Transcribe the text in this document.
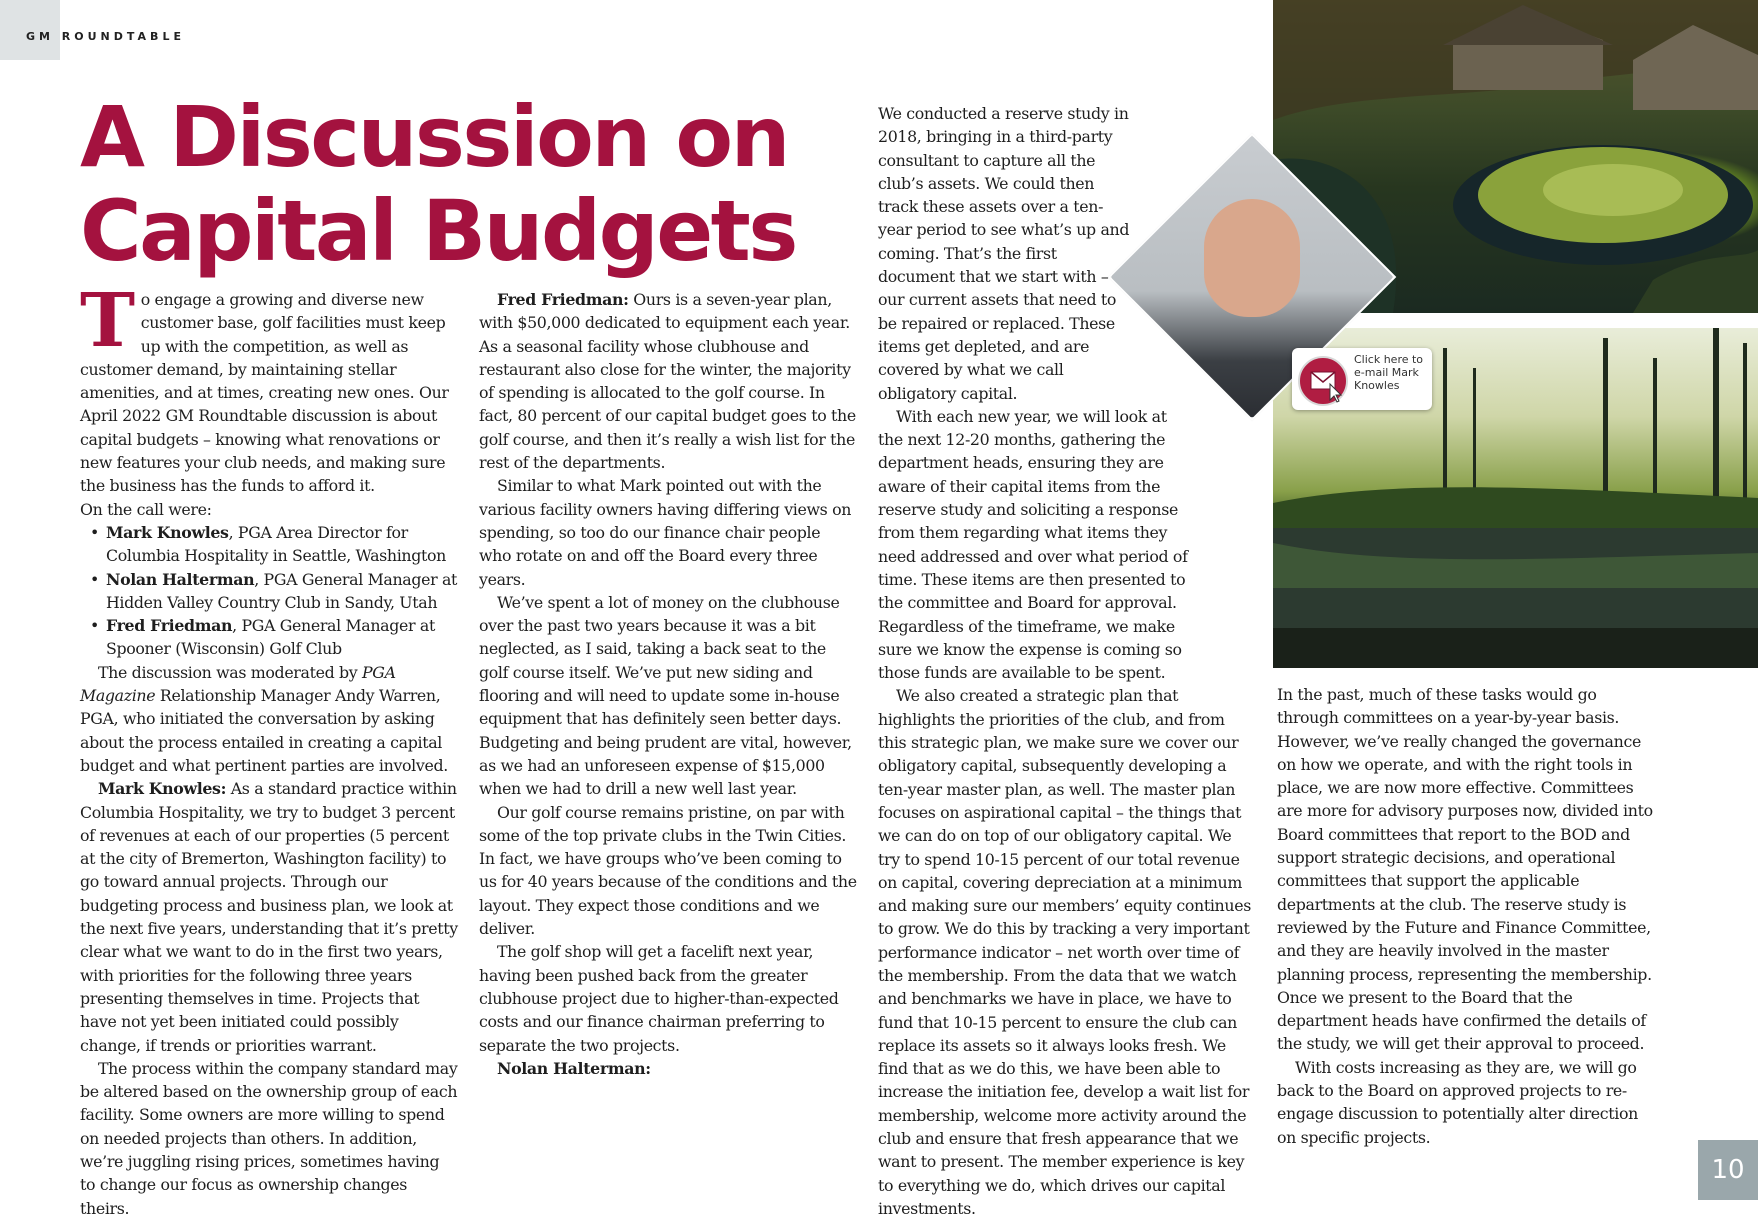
GM ROUNDTABLE
A Discussion on
Capital Budgets
Click here to e-mail Mark Knowles

To engage a growing and diverse new customer base, golf facilities must keep up with the competition, as well as customer demand, by maintaining stellar amenities, and at times, creating new ones. Our April 2022 GM Roundtable discussion is about capital budgets – knowing what renovations or new features your club needs, and making sure the business has the funds to afford it.

On the call were:

• Mark Knowles, PGA Area Director for Columbia Hospitality in Seattle, Washington
• Nolan Halterman, PGA General Manager at Hidden Valley Country Club in Sandy, Utah
• Fred Friedman, PGA General Manager at Spooner (Wisconsin) Golf Club

The discussion was moderated by PGA Magazine Relationship Manager Andy Warren, PGA, who initiated the conversation by asking about the process entailed in creating a capital budget and what pertinent parties are involved.

Mark Knowles: As a standard practice within Columbia Hospitality, we try to budget 3 percent of revenues at each of our properties (5 percent at the city of Bremerton, Washington facility) to go toward annual projects. Through our budgeting process and business plan, we look at the next five years, understanding that it’s pretty clear what we want to do in the first two years, with priorities for the following three years presenting themselves in time. Projects that have not yet been initiated could possibly change, if trends or priorities warrant.

The process within the company standard may be altered based on the ownership group of each facility. Some owners are more willing to spend on needed projects than others. In addition, we’re juggling rising prices, sometimes having to change our focus as ownership changes theirs.

Fred Friedman: Ours is a seven-year plan, with $50,000 dedicated to equipment each year. As a seasonal facility whose clubhouse and restaurant also close for the winter, the majority of spending is allocated to the golf course. In fact, 80 percent of our capital budget goes to the golf course, and then it’s really a wish list for the rest of the departments.

Similar to what Mark pointed out with the various facility owners having differing views on spending, so too do our finance chair people who rotate on and off the Board every three years.

We’ve spent a lot of money on the clubhouse over the past two years because it was a bit neglected, as I said, taking a back seat to the golf course itself. We’ve put new siding and flooring and will need to update some in-house equipment that has definitely seen better days. Budgeting and being prudent are vital, however, as we had an unforeseen expense of $15,000 when we had to drill a new well last year.

Our golf course remains pristine, on par with some of the top private clubs in the Twin Cities. In fact, we have groups who’ve been coming to us for 40 years because of the conditions and the layout. They expect those conditions and we deliver.

The golf shop will get a facelift next year, having been pushed back from the greater clubhouse project due to higher-than-expected costs and our finance chairman preferring to separate the two projects.

Nolan Halterman:

We conducted a reserve study in 2018, bringing in a third-party consultant to capture all the club’s assets. We could then track these assets over a ten-year period to see what’s up and coming. That’s the first document that we start with – our current assets that need to be repaired or replaced. These items get depleted, and are covered by what we call obligatory capital.

With each new year, we will look at the next 12-20 months, gathering the department heads, ensuring they are aware of their capital items from the reserve study and soliciting a response from them regarding what items they need addressed and over what period of time. These items are then presented to the committee and Board for approval. Regardless of the timeframe, we make sure we know the expense is coming so those funds are available to be spent.

We also created a strategic plan that highlights the priorities of the club, and from this strategic plan, we make sure we cover our obligatory capital, subsequently developing a ten-year master plan, as well. The master plan focuses on aspirational capital – the things that we can do on top of our obligatory capital. We try to spend 10-15 percent of our total revenue on capital, covering depreciation at a minimum and making sure our members’ equity continues to grow. We do this by tracking a very important performance indicator – net worth over time of the membership. From the data that we watch and benchmarks we have in place, we have to fund that 10-15 percent to ensure the club can replace its assets so it always looks fresh. We find that as we do this, we have been able to increase the initiation fee, develop a wait list for membership, welcome more activity around the club and ensure that fresh appearance that we want to present. The member experience is key to everything we do, which drives our capital investments.

In the past, much of these tasks would go through committees on a year-by-year basis. However, we’ve really changed the governance on how we operate, and with the right tools in place, we are now more effective. Committees are more for advisory purposes now, divided into Board committees that report to the BOD and support strategic decisions, and operational committees that support the applicable departments at the club. The reserve study is reviewed by the Future and Finance Committee, and they are heavily involved in the master planning process, representing the membership. Once we present to the Board that the department heads have confirmed the details of the study, we will get their approval to proceed.

With costs increasing as they are, we will go back to the Board on approved projects to re-engage discussion to potentially alter direction on specific projects.

10
